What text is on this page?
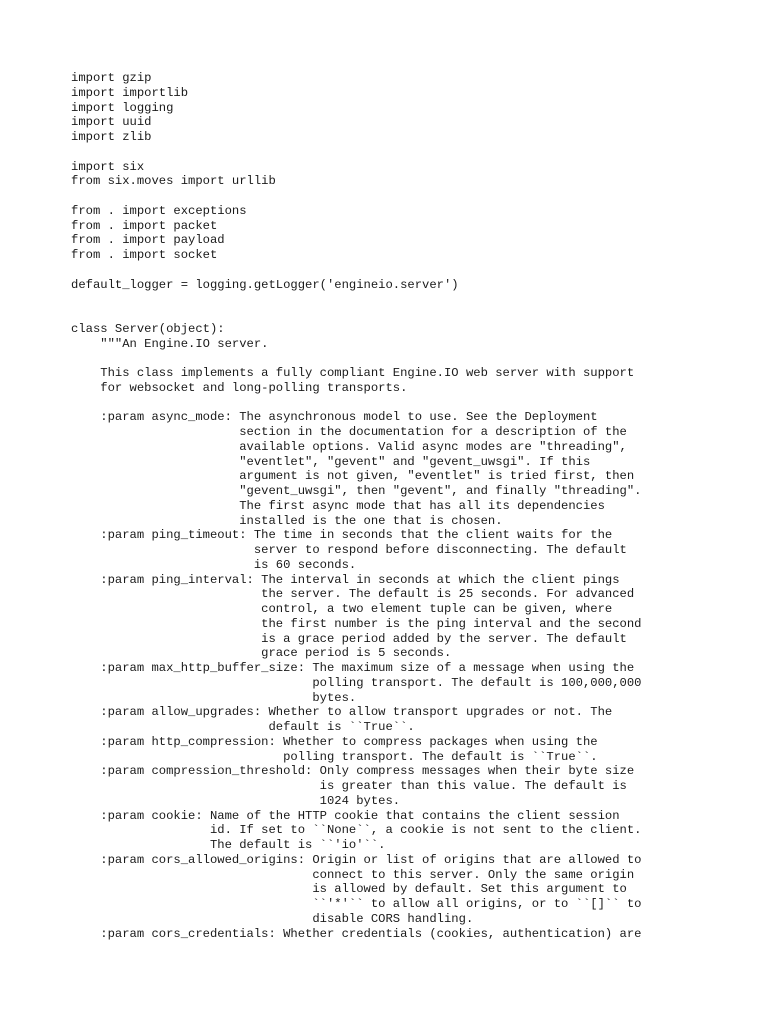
import gzip
import importlib
import logging
import uuid
import zlib
import six
from six.moves import urllib
from . import exceptions
from . import packet
from . import payload
from . import socket
default_logger = logging.getLogger('engineio.server')
class Server(object):
"""An Engine.IO server.
This class implements a fully compliant Engine.IO web server with support
for websocket and long-polling transports.
:param async_mode: The asynchronous model to use. See the Deployment
section in the documentation for a description of the
available options. Valid async modes are "threading",
"eventlet", "gevent" and "gevent_uwsgi". If this
argument is not given, "eventlet" is tried first, then
"gevent_uwsgi", then "gevent", and finally "threading".
The first async mode that has all its dependencies
installed is the one that is chosen.
:param ping_timeout: The time in seconds that the client waits for the
server to respond before disconnecting. The default
is 60 seconds.
:param ping_interval: The interval in seconds at which the client pings
the server. The default is 25 seconds. For advanced
control, a two element tuple can be given, where
the first number is the ping interval and the second
is a grace period added by the server. The default
grace period is 5 seconds.
:param max_http_buffer_size: The maximum size of a message when using the
polling transport. The default is 100,000,000
bytes.
:param allow_upgrades: Whether to allow transport upgrades or not. The
default is ``True``.
:param http_compression: Whether to compress packages when using the
polling transport. The default is ``True``.
:param compression_threshold: Only compress messages when their byte size
is greater than this value. The default is
1024 bytes.
:param cookie: Name of the HTTP cookie that contains the client session
id. If set to ``None``, a cookie is not sent to the client.
The default is ``'io'``.
:param cors_allowed_origins: Origin or list of origins that are allowed to
connect to this server. Only the same origin
is allowed by default. Set this argument to
``'*'`` to allow all origins, or to ``[]`` to
disable CORS handling.
:param cors_credentials: Whether credentials (cookies, authentication) are
